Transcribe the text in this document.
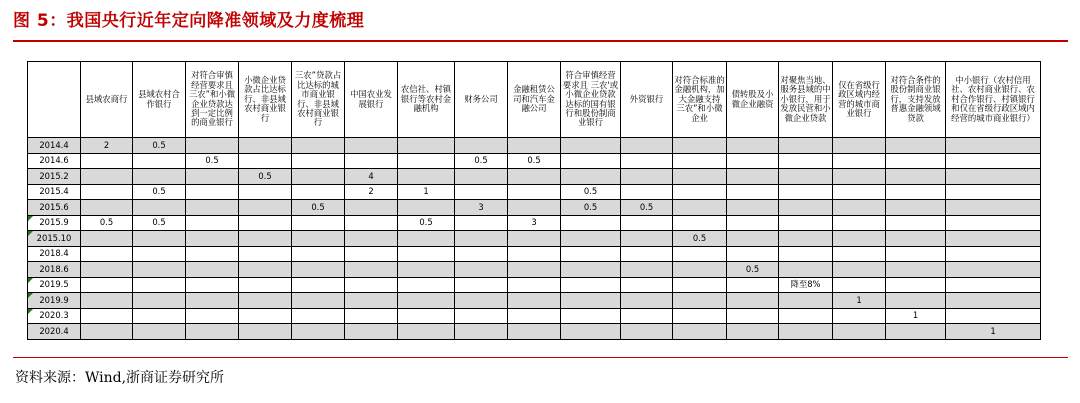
图 5：我国央行近年定向降准领域及力度梳理
	县域农商行	县域农村合作银行	对符合审慎经营要求且三农”和小微企业贷款达到一定比例的商业银行	小微企业贷款占比达标行、非县域农村商业银行	三农”贷款占比达标的城市商业银行、非县域农村商业银行	中国农业发展银行	农信社、村镇银行等农村金融机构	财务公司	金融租赁公司和汽车金融公司	符合审慎经营要求且 三农'或小微企业贷款达标的国有银行和股份制商业银行	外资银行	对符合标准的金融机构，加大金融支持 三农”和小微企业	债转股及小微企业融资	对聚焦当地、服务县域的中小银行，用于发放民营和小微企业贷款	仅在省级行政区域内经营的城市商业银行	对符合条件的股份制商业银行，支持发放普惠金融领域贷款	中小银行（农村信用社、农村商业银行、农村合作银行、村镇银行和仅在省级行政区域内经营的城市商业银行）
2014.4	2	0.5															
2014.6			0.5					0.5	0.5								
2015.2				0.5		4											
2015.4		0.5				2	1			0.5							
2015.6					0.5			3		0.5	0.5						
2015.9	0.5	0.5					0.5		3								
2015.10												0.5					
2018.4																	
2018.6													0.5				
2019.5														降至8%			
2019.9															1		
2020.3																1	
2020.4																	1
资料来源：Wind,浙商证券研究所
